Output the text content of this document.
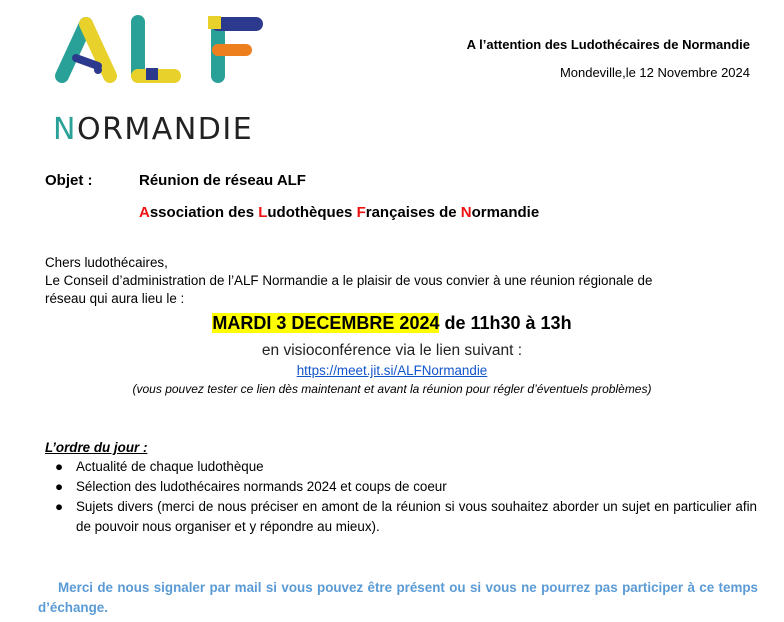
NORMANDIE
A l’attention des Ludothécaires de Normandie
Mondeville,le 12 Novembre 2024
Objet :	Réunion de réseau ALF
Association des Ludothèques Françaises de Normandie
Chers ludothécaires,
Le Conseil d’administration de l’ALF Normandie a le plaisir de vous convier à une réunion régionale de
réseau qui aura lieu le :
MARDI 3 DECEMBRE 2024 de 11h30 à 13h
en visioconférence via le lien suivant :
https://meet.jit.si/ALFNormandie
(vous pouvez tester ce lien dès maintenant et avant la réunion pour régler d’éventuels problèmes)
L’ordre du jour :
● Actualité de chaque ludothèque
● Sélection des ludothécaires normands 2024 et coups de coeur
● Sujets divers (merci de nous préciser en amont de la réunion si vous souhaitez aborder un sujet en particulier afin de pouvoir nous organiser et y répondre au mieux).
Merci de nous signaler par mail si vous pouvez être présent ou si vous ne pourrez pas participer à ce temps d’échange.
